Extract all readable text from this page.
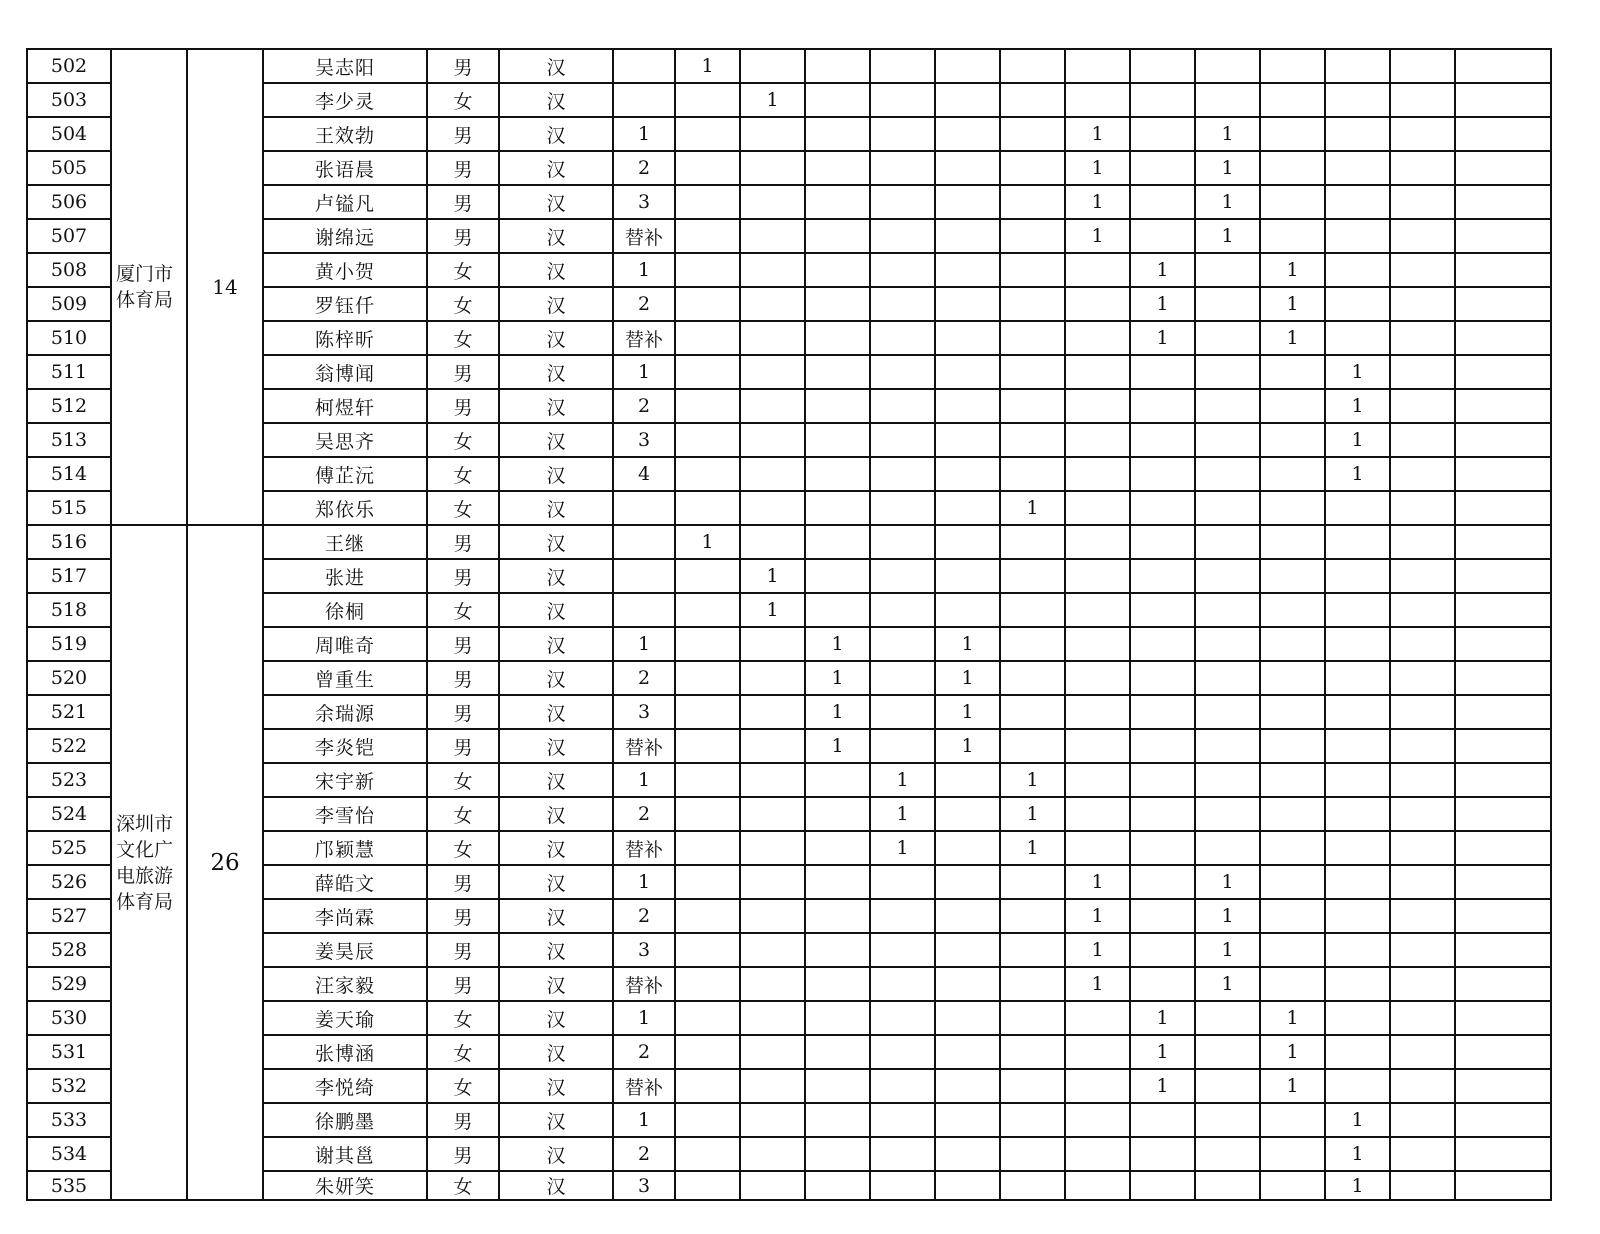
502	厦门市体育局	14	吴志阳	男	汉		1												
503			李少灵	女	汉			1											
504			王效勃	男	汉	1							1		1				
505			张语晨	男	汉	2							1		1				
506			卢镒凡	男	汉	3							1		1				
507			谢绵远	男	汉	替补							1		1				
508			黄小贺	女	汉	1								1		1			
509			罗钰仟	女	汉	2								1		1			
510			陈梓昕	女	汉	替补								1		1			
511			翁博闻	男	汉	1											1		
512			柯煜轩	男	汉	2											1		
513			吴思齐	女	汉	3											1		
514			傅芷沅	女	汉	4											1		
515			郑依乐	女	汉							1							
516	深圳市文化广电旅游体育局	26	王继	男	汉		1												
517			张进	男	汉			1											
518			徐桐	女	汉			1											
519			周唯奇	男	汉	1			1		1								
520			曾重生	男	汉	2			1		1								
521			余瑞源	男	汉	3			1		1								
522			李炎铠	男	汉	替补			1		1								
523			宋宇新	女	汉	1				1		1							
524			李雪怡	女	汉	2				1		1							
525			邝颖慧	女	汉	替补				1		1							
526			薛皓文	男	汉	1							1		1				
527			李尚霖	男	汉	2							1		1				
528			姜昊辰	男	汉	3							1		1				
529			汪家毅	男	汉	替补							1		1				
530			姜天瑜	女	汉	1								1		1			
531			张博涵	女	汉	2								1		1			
532			李悦绮	女	汉	替补								1		1			
533			徐鹏墨	男	汉	1											1		
534			谢其邕	男	汉	2											1		
535			朱妍笑	女	汉	3											1		
